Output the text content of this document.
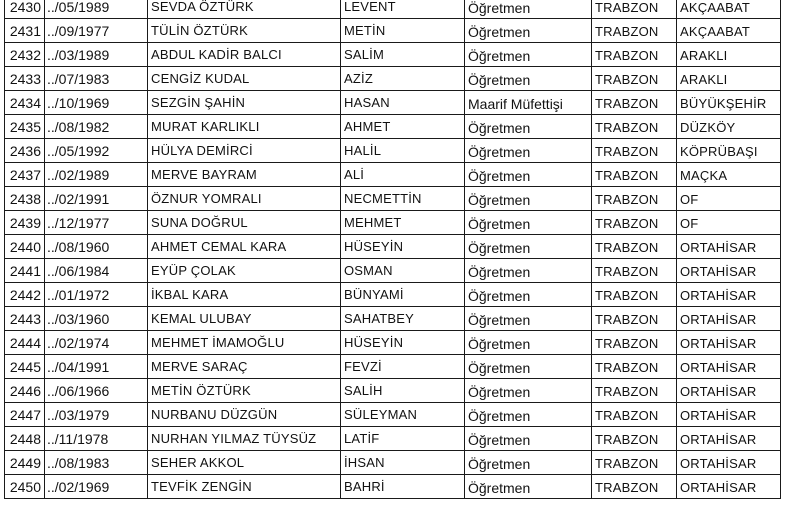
2430	../05/1989	SEVDA ÖZTÜRK	LEVENT	Öğretmen	TRABZON	AKÇAABAT
2431	../09/1977	TÜLİN ÖZTÜRK	METİN	Öğretmen	TRABZON	AKÇAABAT
2432	../03/1989	ABDUL KADİR BALCI	SALİM	Öğretmen	TRABZON	ARAKLI
2433	../07/1983	CENGİZ KUDAL	AZİZ	Öğretmen	TRABZON	ARAKLI
2434	../10/1969	SEZGİN ŞAHİN	HASAN	Maarif Müfettişi	TRABZON	BÜYÜKŞEHİR
2435	../08/1982	MURAT KARLIKLI	AHMET	Öğretmen	TRABZON	DÜZKÖY
2436	../05/1992	HÜLYA DEMİRCİ	HALİL	Öğretmen	TRABZON	KÖPRÜBAŞI
2437	../02/1989	MERVE BAYRAM	ALİ	Öğretmen	TRABZON	MAÇKA
2438	../02/1991	ÖZNUR YOMRALI	NECMETTİN	Öğretmen	TRABZON	OF
2439	../12/1977	SUNA DOĞRUL	MEHMET	Öğretmen	TRABZON	OF
2440	../08/1960	AHMET CEMAL KARA	HÜSEYİN	Öğretmen	TRABZON	ORTAHİSAR
2441	../06/1984	EYÜP ÇOLAK	OSMAN	Öğretmen	TRABZON	ORTAHİSAR
2442	../01/1972	İKBAL KARA	BÜNYAMİ	Öğretmen	TRABZON	ORTAHİSAR
2443	../03/1960	KEMAL ULUBAY	SAHATBEY	Öğretmen	TRABZON	ORTAHİSAR
2444	../02/1974	MEHMET İMAMOĞLU	HÜSEYİN	Öğretmen	TRABZON	ORTAHİSAR
2445	../04/1991	MERVE SARAÇ	FEVZİ	Öğretmen	TRABZON	ORTAHİSAR
2446	../06/1966	METİN ÖZTÜRK	SALİH	Öğretmen	TRABZON	ORTAHİSAR
2447	../03/1979	NURBANU DÜZGÜN	SÜLEYMAN	Öğretmen	TRABZON	ORTAHİSAR
2448	../11/1978	NURHAN YILMAZ TÜYSÜZ	LATİF	Öğretmen	TRABZON	ORTAHİSAR
2449	../08/1983	SEHER AKKOL	İHSAN	Öğretmen	TRABZON	ORTAHİSAR
2450	../02/1969	TEVFİK ZENGİN	BAHRİ	Öğretmen	TRABZON	ORTAHİSAR
